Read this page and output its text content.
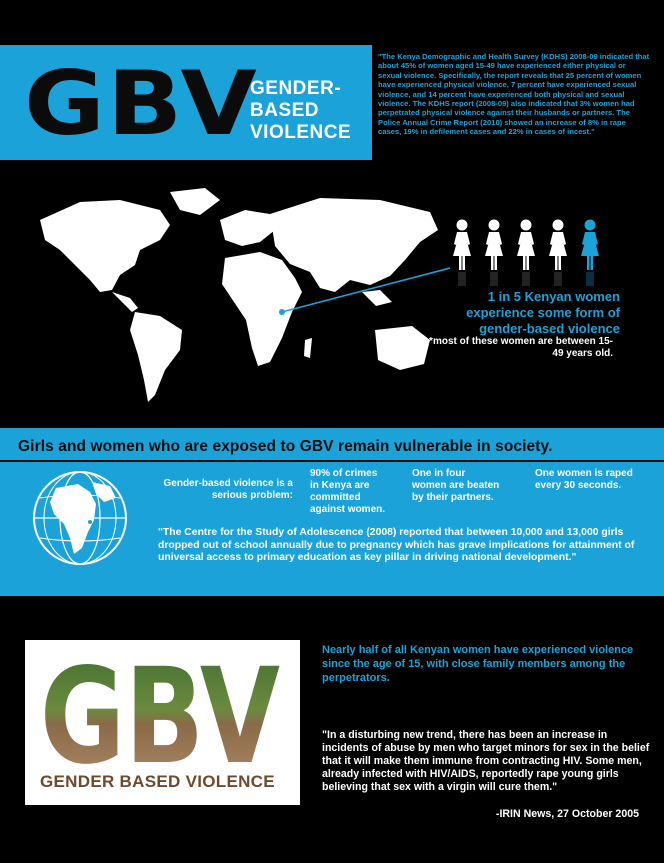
GBV
GENDER-
BASED
VIOLENCE
"The Kenya Demographic and Health Survey (KDHS) 2008-09 indicated that about 45% of women aged 15-49 have experienced either physical or sexual violence. Specifically, the report reveals that 25 percent of women have experienced physical violence, 7 percent have experienced sexual violence, and 14 percent have experienced both physical and sexual violence. The KDHS report (2008-09) also indicated that 3% women had perpetrated physical violence against their husbands or partners. The Police Annual Crime Report (2010) showed an increase of 8% in rape cases, 19% in defilement cases and 22% in cases of incest."
1 in 5 Kenyan women experience some form of gender-based violence
*most of these women are between 15-49 years old.
Girls and women who are exposed to GBV remain vulnerable in society.
Gender-based violence is a serious problem:
90% of crimes in Kenya are committed against women.
One in four women are beaten by their partners.
One women is raped every 30 seconds.
"The Centre for the Study of Adolescence (2008) reported that between 10,000 and 13,000 girls dropped out of school annually due to pregnancy which has grave implications for attainment of universal access to primary education as key pillar in driving national development."
GBV
GENDER BASED VIOLENCE
Nearly half of all Kenyan women have experienced violence since the age of 15, with close family members among the perpetrators.
"In a disturbing new trend, there has been an increase in incidents of abuse by men who target minors for sex in the belief that it will make them immune from contracting HIV. Some men, already infected with HIV/AIDS, reportedly rape young girls believing that sex with a virgin will cure them."
-IRIN News, 27 October 2005
